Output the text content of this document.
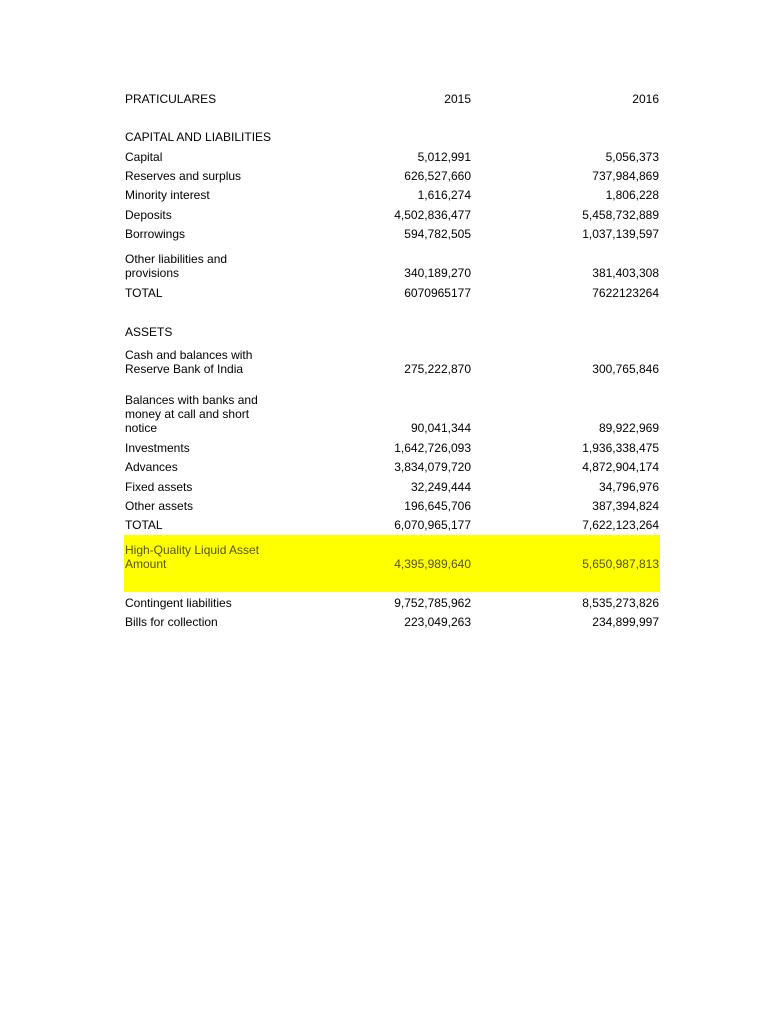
PRATICULARES	2015	2016
CAPITAL AND LIABILITIES
Capital	5,012,991	5,056,373
Reserves and surplus	626,527,660	737,984,869
Minority interest	1,616,274	1,806,228
Deposits	4,502,836,477	5,458,732,889
Borrowings	594,782,505	1,037,139,597
Other liabilities and provisions	340,189,270	381,403,308
TOTAL	6070965177	7622123264
ASSETS
Cash and balances with Reserve Bank of India	275,222,870	300,765,846
Balances with banks and money at call and short notice	90,041,344	89,922,969
Investments	1,642,726,093	1,936,338,475
Advances	3,834,079,720	4,872,904,174
Fixed assets	32,249,444	34,796,976
Other assets	196,645,706	387,394,824
TOTAL	6,070,965,177	7,622,123,264
High-Quality Liquid Asset Amount	4,395,989,640	5,650,987,813
Contingent liabilities	9,752,785,962	8,535,273,826
Bills for collection	223,049,263	234,899,997
